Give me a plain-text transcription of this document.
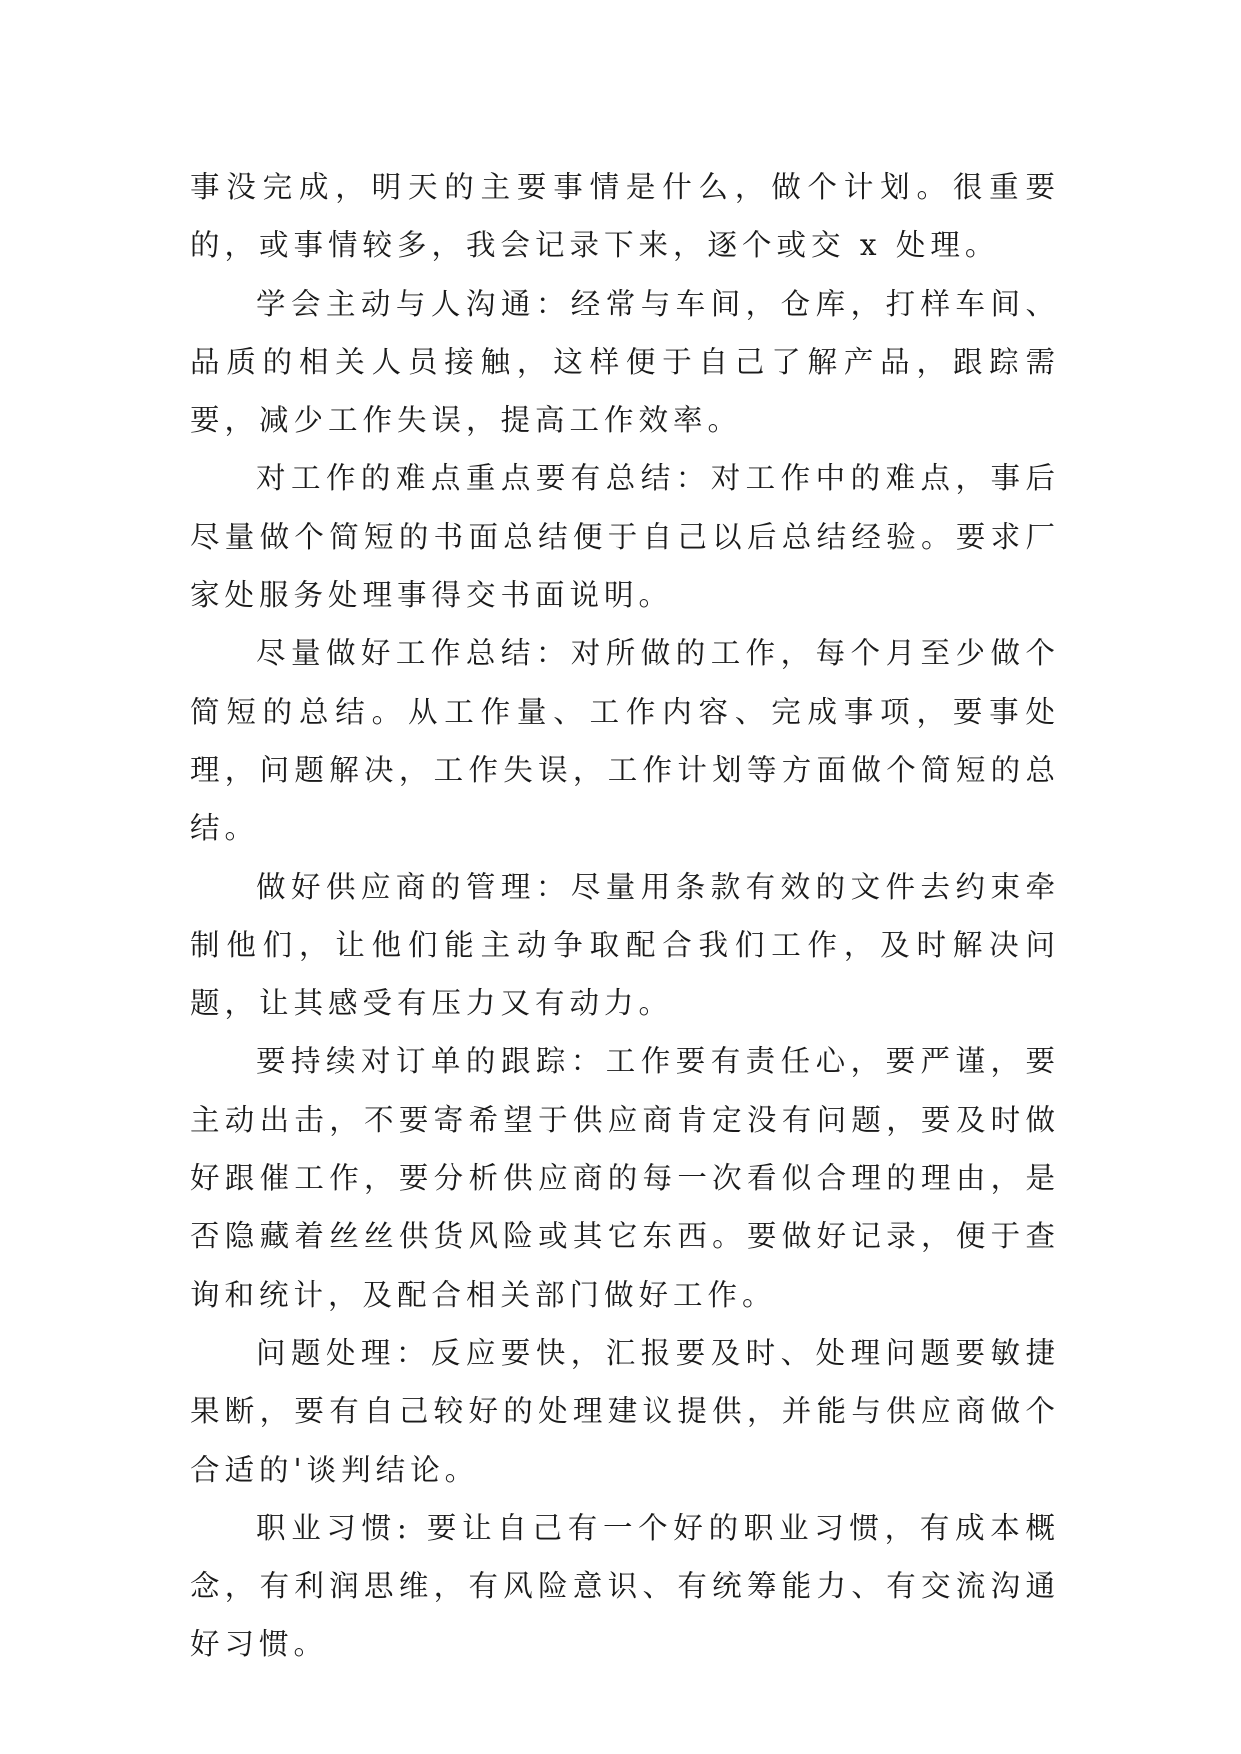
事没完成，明天的主要事情是什么，做个计划。很重要的，或事情较多，我会记录下来，逐个或交 x 处理。

学会主动与人沟通：经常与车间，仓库，打样车间、品质的相关人员接触，这样便于自己了解产品，跟踪需要，减少工作失误，提高工作效率。

对工作的难点重点要有总结：对工作中的难点，事后尽量做个简短的书面总结便于自己以后总结经验。要求厂家处服务处理事得交书面说明。

尽量做好工作总结：对所做的工作，每个月至少做个简短的总结。从工作量、工作内容、完成事项，要事处理，问题解决，工作失误，工作计划等方面做个简短的总结。

做好供应商的管理：尽量用条款有效的文件去约束牵制他们，让他们能主动争取配合我们工作，及时解决问题，让其感受有压力又有动力。

要持续对订单的跟踪：工作要有责任心，要严谨，要主动出击，不要寄希望于供应商肯定没有问题，要及时做好跟催工作，要分析供应商的每一次看似合理的理由，是否隐藏着丝丝供货风险或其它东西。要做好记录，便于查询和统计，及配合相关部门做好工作。

问题处理：反应要快，汇报要及时、处理问题要敏捷果断，要有自己较好的处理建议提供，并能与供应商做个合适的'谈判结论。

职业习惯: 要让自己有一个好的职业习惯，有成本概念，有利润思维，有风险意识、有统筹能力、有交流沟通好习惯。
